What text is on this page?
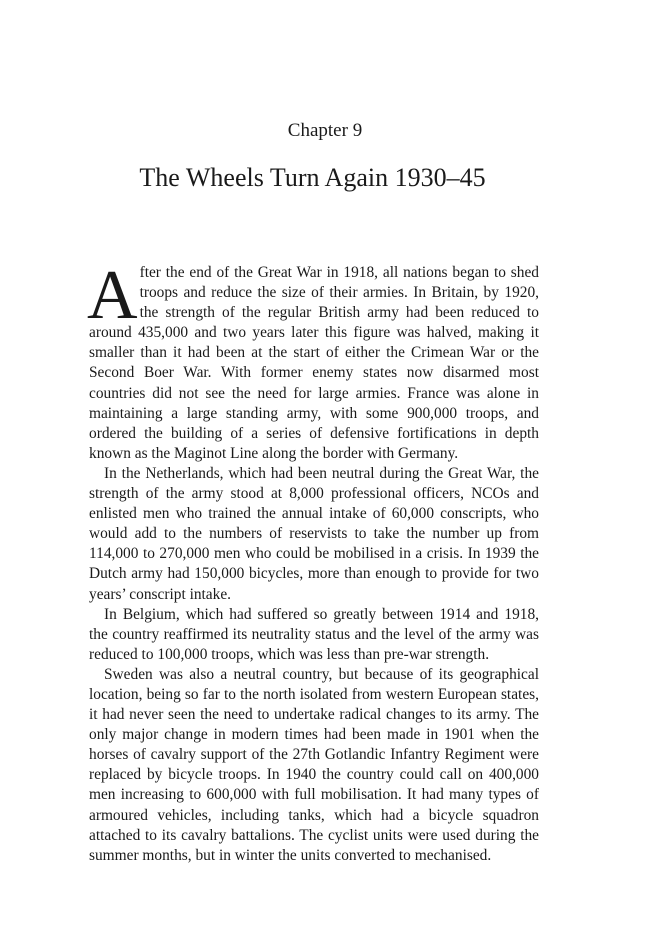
Chapter 9
The Wheels Turn Again 1930–45

After the end of the Great War in 1918, all nations began to shed troops and reduce the size of their armies. In Britain, by 1920, the strength of the regular British army had been reduced to around 435,000 and two years later this figure was halved, making it smaller than it had been at the start of either the Crimean War or the Second Boer War. With former enemy states now disarmed most countries did not see the need for large armies. France was alone in maintaining a large standing army, with some 900,000 troops, and ordered the building of a series of defensive fortifications in depth known as the Maginot Line along the border with Germany.

In the Netherlands, which had been neutral during the Great War, the strength of the army stood at 8,000 professional officers, NCOs and enlisted men who trained the annual intake of 60,000 conscripts, who would add to the numbers of reservists to take the number up from 114,000 to 270,000 men who could be mobilised in a crisis. In 1939 the Dutch army had 150,000 bicycles, more than enough to provide for two years’ conscript intake.

In Belgium, which had suffered so greatly between 1914 and 1918, the country reaffirmed its neutrality status and the level of the army was reduced to 100,000 troops, which was less than pre-war strength.

Sweden was also a neutral country, but because of its geographical location, being so far to the north isolated from western European states, it had never seen the need to undertake radical changes to its army. The only major change in modern times had been made in 1901 when the horses of cavalry support of the 27th Gotlandic Infantry Regiment were replaced by bicycle troops. In 1940 the country could call on 400,000 men increasing to 600,000 with full mobilisation. It had many types of armoured vehicles, including tanks, which had a bicycle squadron attached to its cavalry battalions. The cyclist units were used during the summer months, but in winter the units converted to mechanised.
